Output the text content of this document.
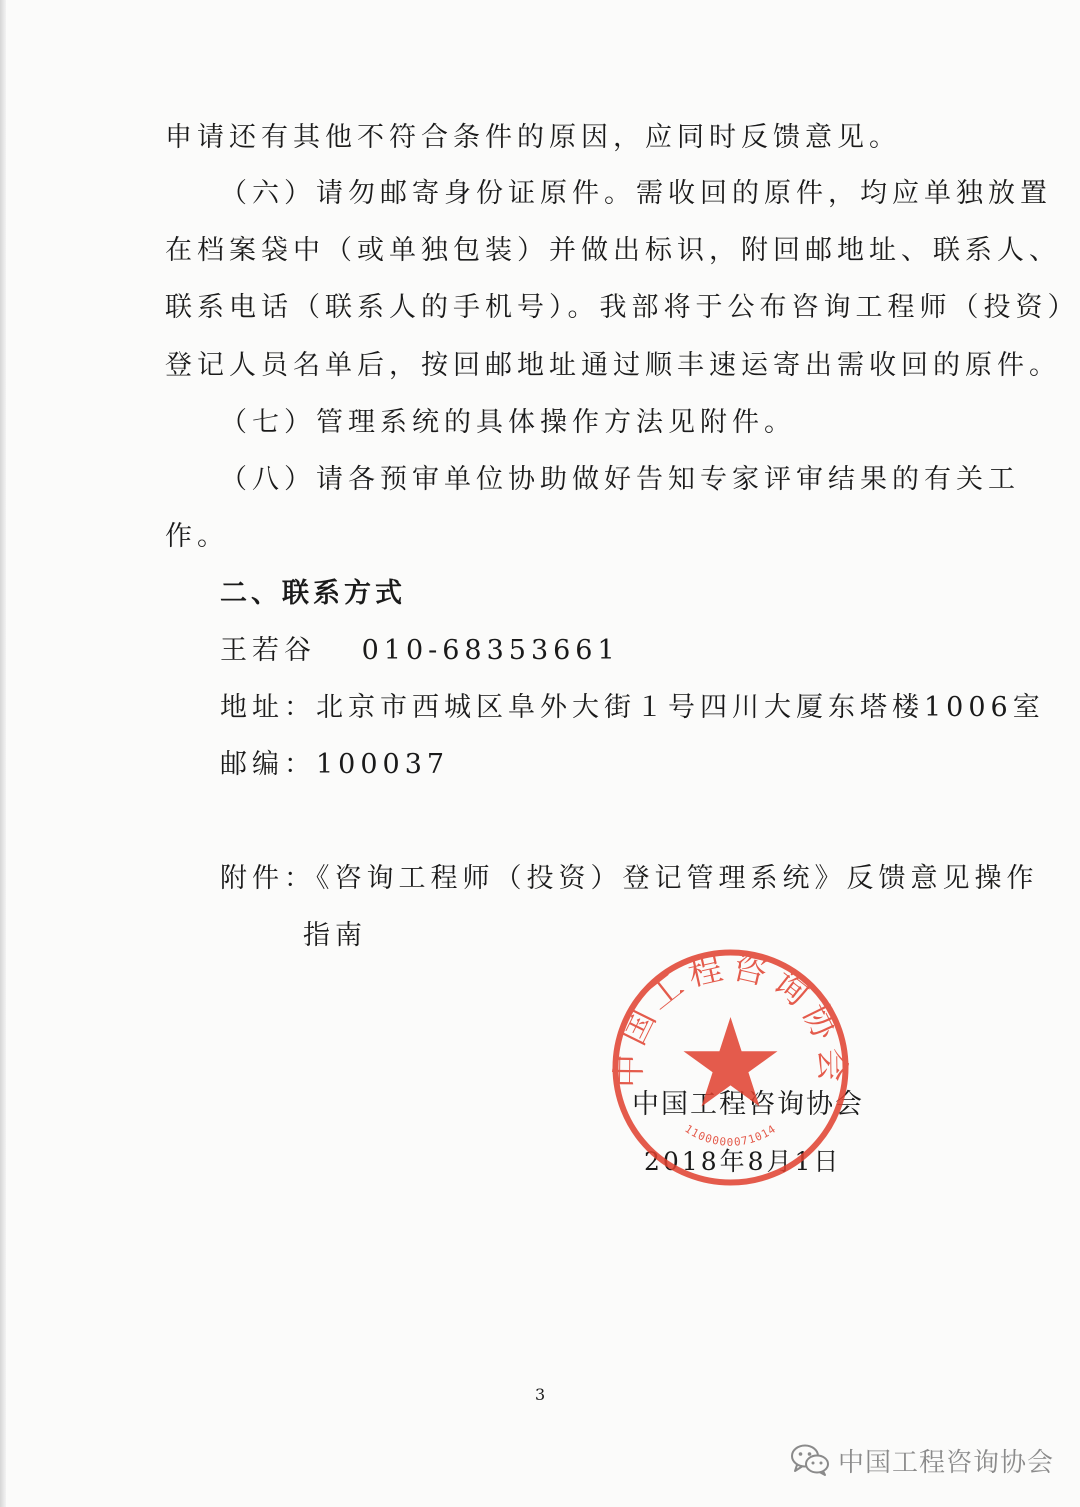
申请还有其他不符合条件的原因，应同时反馈意见。
（六）请勿邮寄身份证原件。需收回的原件，均应单独放置
在档案袋中（或单独包装）并做出标识，附回邮地址、联系人、
联系电话（联系人的手机号）。我部将于公布咨询工程师（投资）
登记人员名单后，按回邮地址通过顺丰速运寄出需收回的原件。
（七）管理系统的具体操作方法见附件。
（八）请各预审单位协助做好告知专家评审结果的有关工
作。
二、联系方式
王若谷　 010-68353661
地址：北京市西城区阜外大街１号四川大厦东塔楼1006室
邮编：100037
附件：《咨询工程师（投资）登记管理系统》反馈意见操作
指南
中国工程咨询协会
1100000071014
中国工程咨询协会
2018年8月1日
3
中国工程咨询协会
